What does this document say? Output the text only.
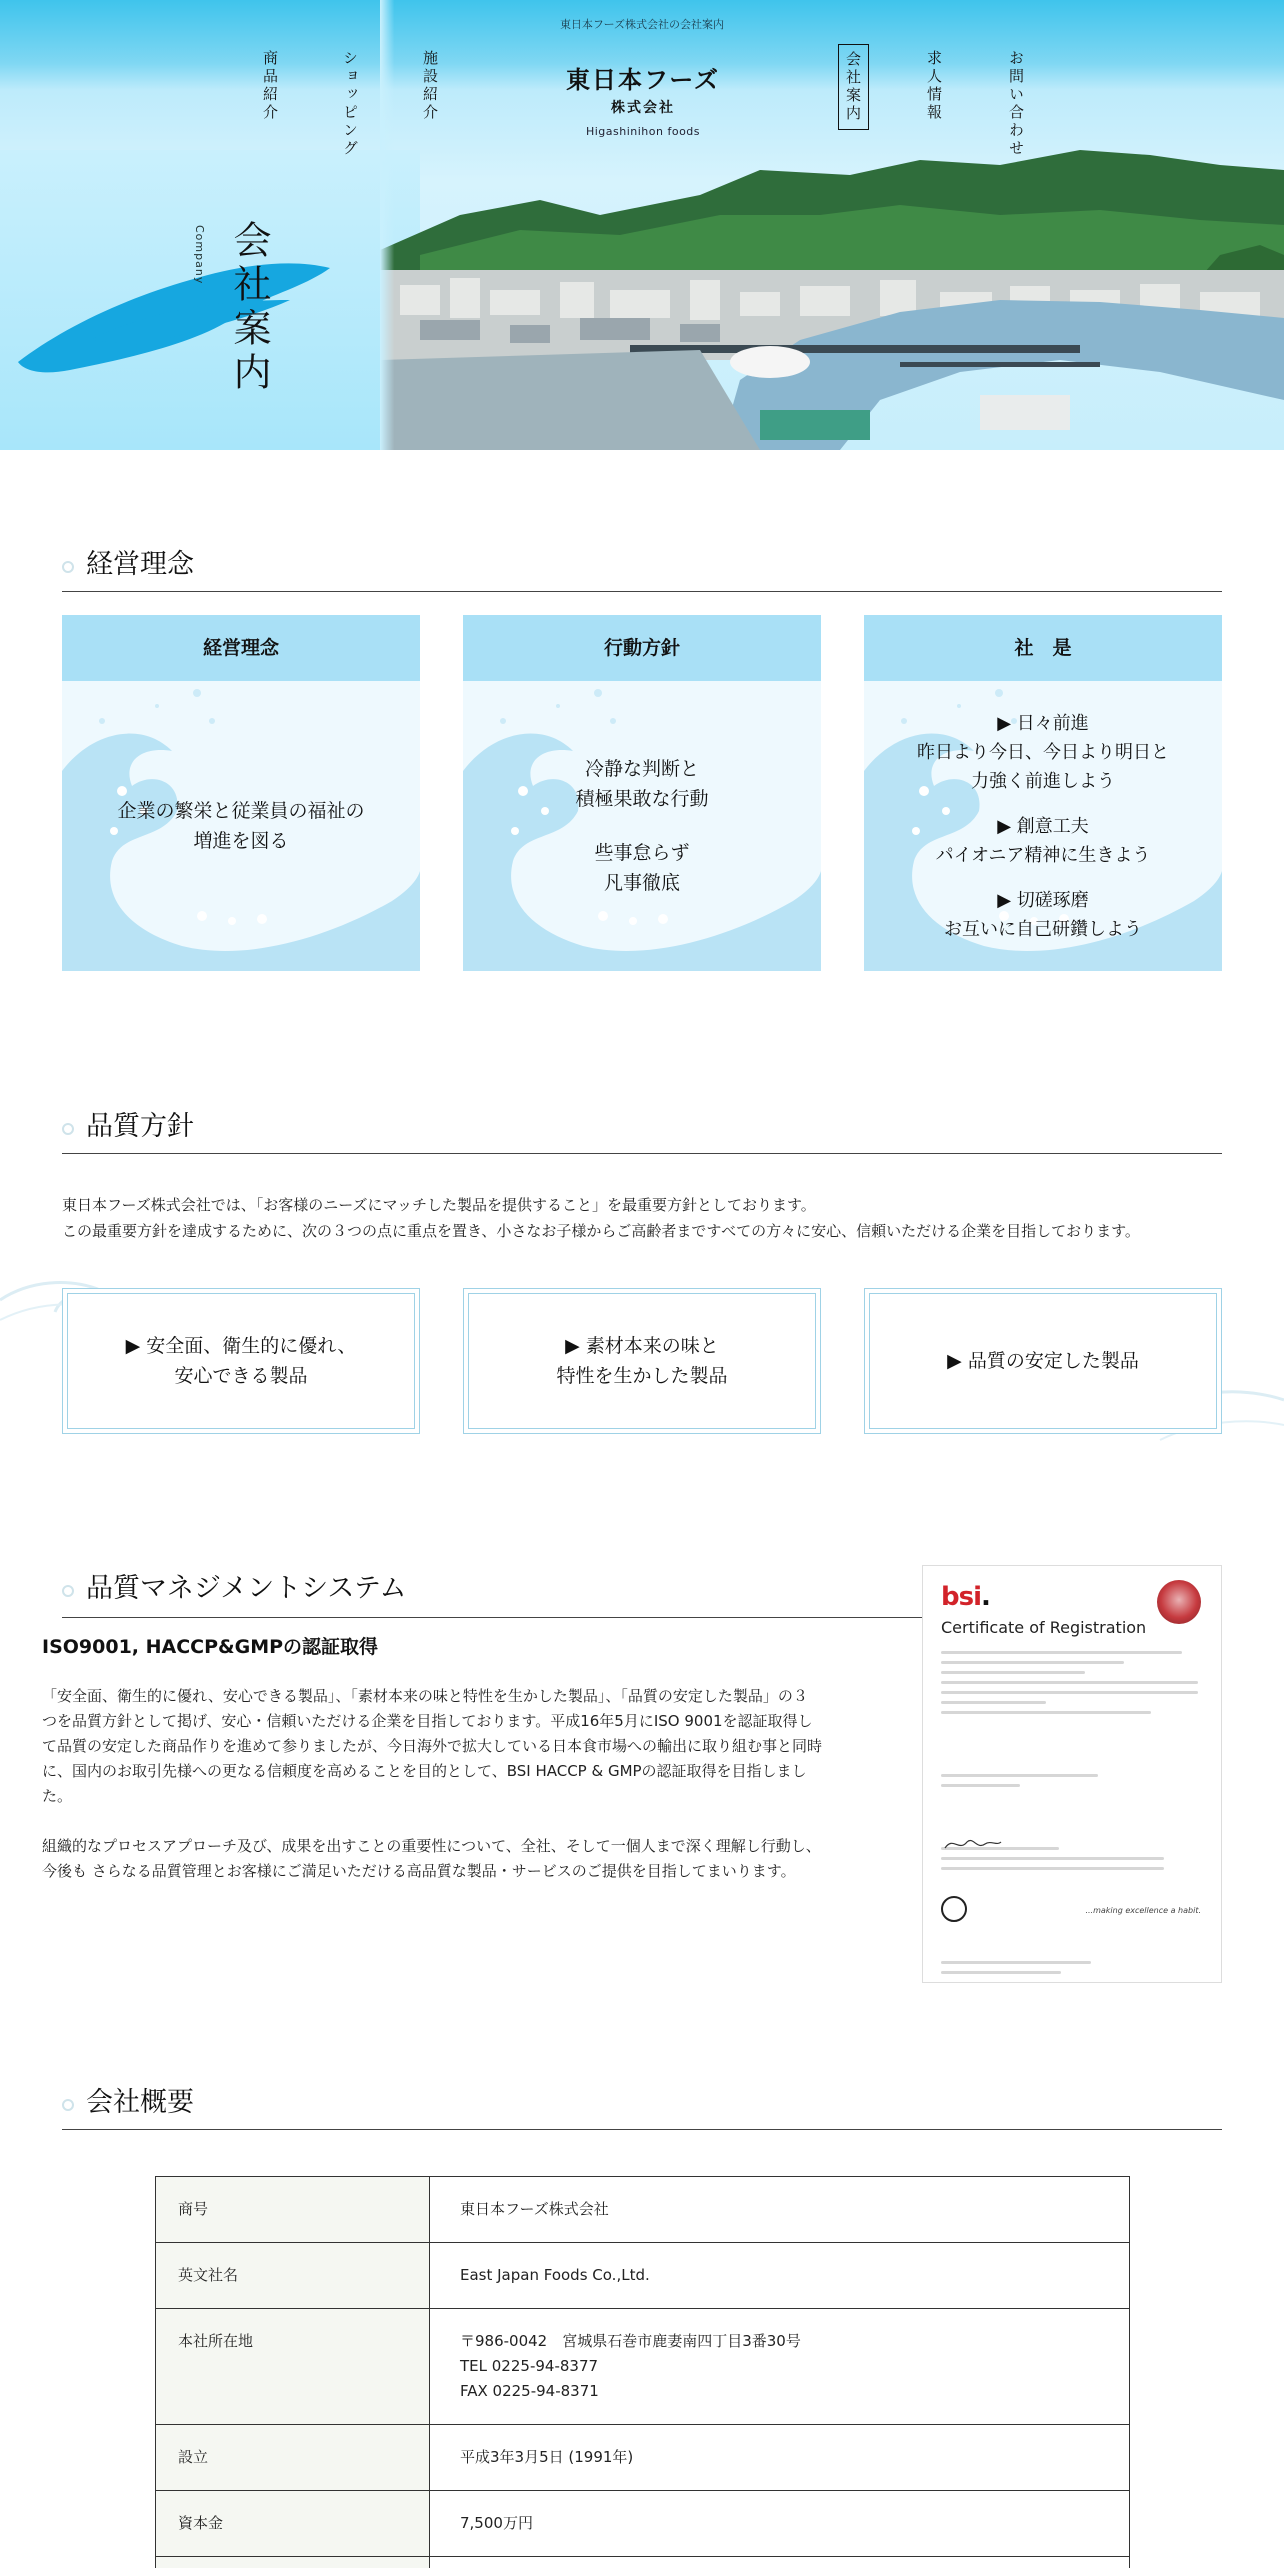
東日本フーズ株式会社の会社案内
東日本フーズ
株式会社
Higashinihon foods
商品紹介	ショッピング	施設紹介	会社案内	求人情報	お問い合わせ
Company 会社案内
経営理念
経営理念
企業の繁栄と従業員の福祉の
増進を図る
行動方針
冷静な判断と
積極果敢な行動
些事怠らず
凡事徹底
社　是
▶ 日々前進
昨日より今日、今日より明日と
力強く前進しよう
▶ 創意工夫
パイオニア精神に生きよう
▶ 切磋琢磨
お互いに自己研鑽しよう
品質方針
東日本フーズ株式会社では、「お客様のニーズにマッチした製品を提供すること」を最重要方針としております。
この最重要方針を達成するために、次の３つの点に重点を置き、小さなお子様からご高齢者まですべての方々に安心、信頼いただける企業を目指しております。
▶ 安全面、衛生的に優れ、
安心できる製品
▶ 素材本来の味と
特性を生かした製品
▶ 品質の安定した製品
品質マネジメントシステム
ISO9001, HACCP&GMPの認証取得
「安全面、衛生的に優れ、安心できる製品」、「素材本来の味と特性を生かした製品」、「品質の安定した製品」の３つを品質方針として掲げ、安心・信頼いただける企業を目指しております。平成16年5月にISO 9001を認証取得して品質の安定した商品作りを進めて参りましたが、今日海外で拡大している日本食市場への輸出に取り組む事と同時に、国内のお取引先様への更なる信頼度を高めることを目的として、BSI HACCP & GMPの認証取得を目指しました。
組織的なプロセスアプローチ及び、成果を出すことの重要性について、全社、そして一個人まで深く理解し行動し、 今後も さらなる品質管理とお客様にご満足いただける高品質な製品・サービスのご提供を目指してまいります。
bsi.
Certificate of Registration
...making excellence a habit.
会社概要
商号	東日本フーズ株式会社
英文社名	East Japan Foods Co.,Ltd.
本社所在地	〒986-0042　宮城県石巻市鹿妻南四丁目3番30号
TEL 0225-94-8377
FAX 0225-94-8371

設立	平成3年3月5日 (1991年)
資本金	7,500万円
